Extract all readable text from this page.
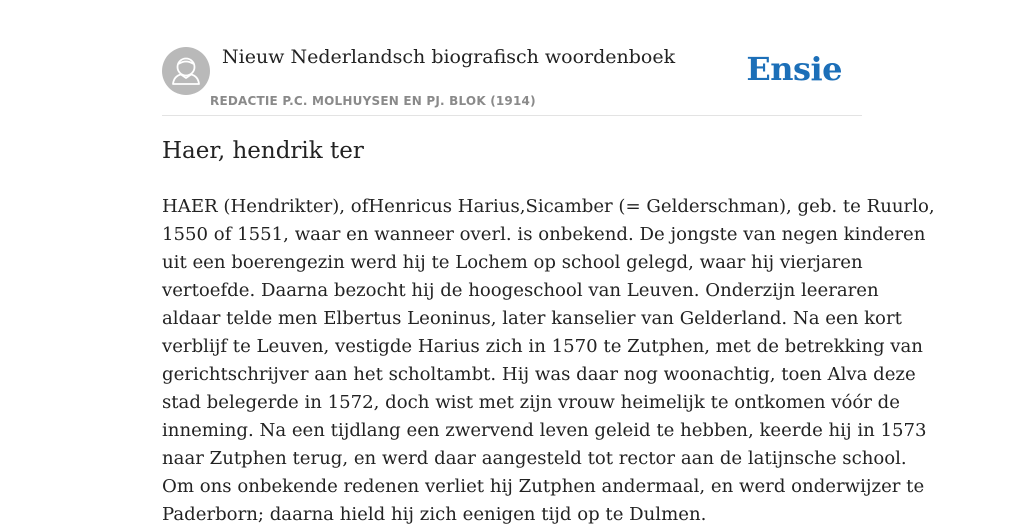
Nieuw Nederlandsch biografisch woordenboek
REDACTIE P.C. MOLHUYSEN EN PJ. BLOK (1914)
Ensie
Haer, hendrik ter
HAER (Hendrikter), ofHenricus Harius,Sicamber (= Gelderschman), geb. te Ruurlo,
1550 of 1551, waar en wanneer overl. is onbekend. De jongste van negen kinderen
uit een boerengezin werd hij te Lochem op school gelegd, waar hij vierjaren
vertoefde. Daarna bezocht hij de hoogeschool van Leuven. Onderzijn leeraren
aldaar telde men Elbertus Leoninus, later kanselier van Gelderland. Na een kort
verblijf te Leuven, vestigde Harius zich in 1570 te Zutphen, met de betrekking van
gerichtschrijver aan het scholtambt. Hij was daar nog woonachtig, toen Alva deze
stad belegerde in 1572, doch wist met zijn vrouw heimelijk te ontkomen vóór de
inneming. Na een tijdlang een zwervend leven geleid te hebben, keerde hij in 1573
naar Zutphen terug, en werd daar aangesteld tot rector aan de latijnsche school.
Om ons onbekende redenen verliet hij Zutphen andermaal, en werd onderwijzer te
Paderborn; daarna hield hij zich eenigen tijd op te Dulmen.
